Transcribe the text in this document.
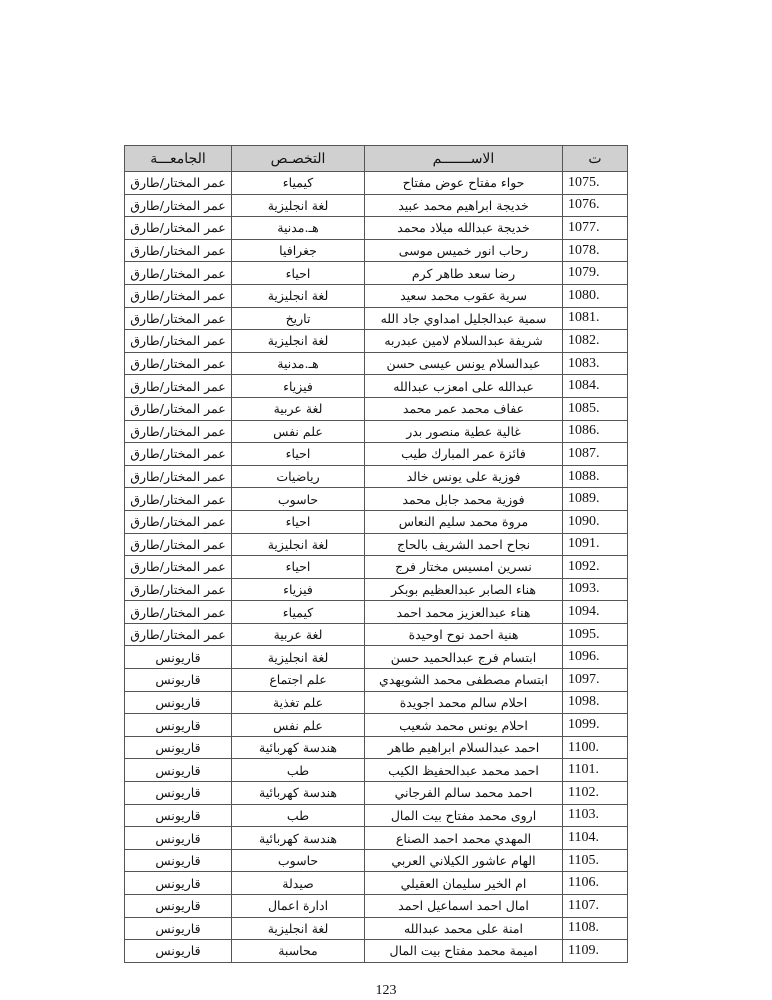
الجامعـــة	التخصـص	الاســـــــم	ت
عمر المختار/طارق	كيمياء	حواء مفتاح عوض مفتاح	1075.
عمر المختار/طارق	لغة انجليزية	خديجة ابراهيم محمد عبيد	1076.
عمر المختار/طارق	هـ.مدنية	خديجة عبدالله ميلاد محمد	1077.
عمر المختار/طارق	جغرافيا	رحاب انور خميس موسى	1078.
عمر المختار/طارق	احياء	رضا سعد طاهر كرم	1079.
عمر المختار/طارق	لغة انجليزية	سرية عقوب محمد سعيد	1080.
عمر المختار/طارق	تاريخ	سمية عبدالجليل امداوي جاد الله	1081.
عمر المختار/طارق	لغة انجليزية	شريفة عبدالسلام لامين عبدربه	1082.
عمر المختار/طارق	هـ.مدنية	عبدالسلام يونس عيسى حسن	1083.
عمر المختار/طارق	فيزياء	عبدالله على امعزب عبدالله	1084.
عمر المختار/طارق	لغة عربية	عفاف محمد عمر محمد	1085.
عمر المختار/طارق	علم نفس	غالية عطية منصور بدر	1086.
عمر المختار/طارق	احياء	فائزة عمر المبارك طيب	1087.
عمر المختار/طارق	رياضيات	فوزية على يونس خالد	1088.
عمر المختار/طارق	حاسوب	فوزية محمد جابل محمد	1089.
عمر المختار/طارق	احياء	مروة محمد سليم النعاس	1090.
عمر المختار/طارق	لغة انجليزية	نجاح احمد الشريف بالحاج	1091.
عمر المختار/طارق	احياء	نسرين امسيس مختار فرج	1092.
عمر المختار/طارق	فيزياء	هناء الصابر عبدالعظيم بوبكر	1093.
عمر المختار/طارق	كيمياء	هناء عبدالعزيز محمد احمد	1094.
عمر المختار/طارق	لغة عربية	هنية احمد نوح اوحيدة	1095.
قاريونس	لغة انجليزية	ابتسام فرج عبدالحميد حسن	1096.
قاريونس	علم اجتماع	ابتسام مصطفى محمد الشويهدي	1097.
قاريونس	علم تغذية	احلام سالم محمد اجويدة	1098.
قاريونس	علم نفس	احلام يونس محمد شعيب	1099.
قاريونس	هندسة كهربائية	احمد عبدالسلام ابراهيم طاهر	1100.
قاريونس	طب	احمد محمد عبدالحفيظ الكيب	1101.
قاريونس	هندسة كهربائية	احمد محمد سالم الفرجاني	1102.
قاريونس	طب	اروى محمد مفتاح بيت المال	1103.
قاريونس	هندسة كهربائية	المهدي محمد احمد الصناع	1104.
قاريونس	حاسوب	الهام عاشور الكيلاني العربي	1105.
قاريونس	صيدلة	ام الخير سليمان العقيلي	1106.
قاريونس	ادارة اعمال	امال احمد اسماعيل احمد	1107.
قاريونس	لغة انجليزية	امنة على محمد عبدالله	1108.
قاريونس	محاسبة	اميمة محمد مفتاح بيت المال	1109.
123
